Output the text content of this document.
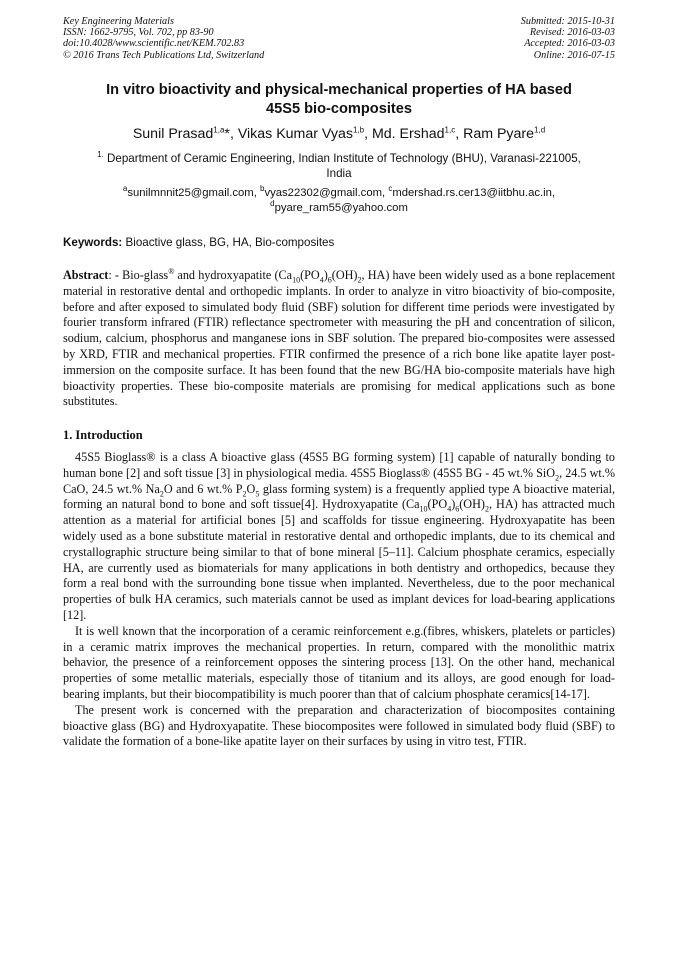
Key Engineering Materials
ISSN: 1662-9795, Vol. 702, pp 83-90
doi:10.4028/www.scientific.net/KEM.702.83
© 2016 Trans Tech Publications Ltd, Switzerland
Submitted: 2015-10-31
Revised: 2016-03-03
Accepted: 2016-03-03
Online: 2016-07-15
In vitro bioactivity and physical-mechanical properties of HA based
45S5 bio-composites
Sunil Prasad$^{1,a}$*, Vikas Kumar Vyas$^{1,b}$, Md. Ershad$^{1,c}$, Ram Pyare$^{1,d}$
$^{1.}$ Department of Ceramic Engineering, Indian Institute of Technology (BHU), Varanasi-221005,
India
$^a$sunilmnnit25@gmail.com, $^b$vyas22302@gmail.com, $^c$mdershad.rs.cer13@iitbhu.ac.in,
$^d$pyare_ram55@yahoo.com
Keywords: Bioactive glass, BG, HA, Bio-composites

Abstract: - Bio-glass® and hydroxyapatite ($Ca_{10}(PO_4)_6(OH)_2$, HA) have been widely used as a bone replacement material in restorative dental and orthopedic implants. In order to analyze in vitro bioactivity of bio-composite, before and after exposed to simulated body fluid (SBF) solution for different time periods were investigated by fourier transform infrared (FTIR) reflectance spectrometer with measuring the pH and concentration of silicon, sodium, calcium, phosphorus and manganese ions in SBF solution. The prepared bio-composites were assessed by XRD, FTIR and mechanical properties. FTIR confirmed the presence of a rich bone like apatite layer post-immersion on the composite surface. It has been found that the new BG/HA bio-composite materials have high bioactivity properties. These bio-composite materials are promising for medical applications such as bone substitutes.

1. Introduction

45S5 Bioglass® is a class A bioactive glass (45S5 BG forming system) [1] capable of naturally bonding to human bone [2] and soft tissue [3] in physiological media. 45S5 Bioglass® (45S5 BG - 45 wt.% SiO$_2$, 24.5 wt.% CaO, 24.5 wt.% $Na_2O$ and 6 wt.% $P_2O_5$ glass forming system) is a frequently applied type A bioactive material, forming an natural bond to bone and soft tissue[4]. Hydroxyapatite ($Ca_{10}(PO_4)_6(OH)_2$, HA) has attracted much attention as a material for artificial bones [5] and scaffolds for tissue engineering. Hydroxyapatite has been widely used as a bone substitute material in restorative dental and orthopedic implants, due to its chemical and crystallographic structure being similar to that of bone mineral [5–11]. Calcium phosphate ceramics, especially HA, are currently used as biomaterials for many applications in both dentistry and orthopedics, because they form a real bond with the surrounding bone tissue when implanted. Nevertheless, due to the poor mechanical properties of bulk HA ceramics, such materials cannot be used as implant devices for load-bearing applications [12].

It is well known that the incorporation of a ceramic reinforcement e.g.(fibres, whiskers, platelets or particles) in a ceramic matrix improves the mechanical properties. In return, compared with the monolithic matrix behavior, the presence of a reinforcement opposes the sintering process [13]. On the other hand, mechanical properties of some metallic materials, especially those of titanium and its alloys, are good enough for load-bearing implants, but their biocompatibility is much poorer than that of calcium phosphate ceramics[14-17].

The present work is concerned with the preparation and characterization of biocomposites containing bioactive glass (BG) and Hydroxyapatite. These biocomposites were followed in simulated body fluid (SBF) to validate the formation of a bone-like apatite layer on their surfaces by using in vitro test, FTIR.
